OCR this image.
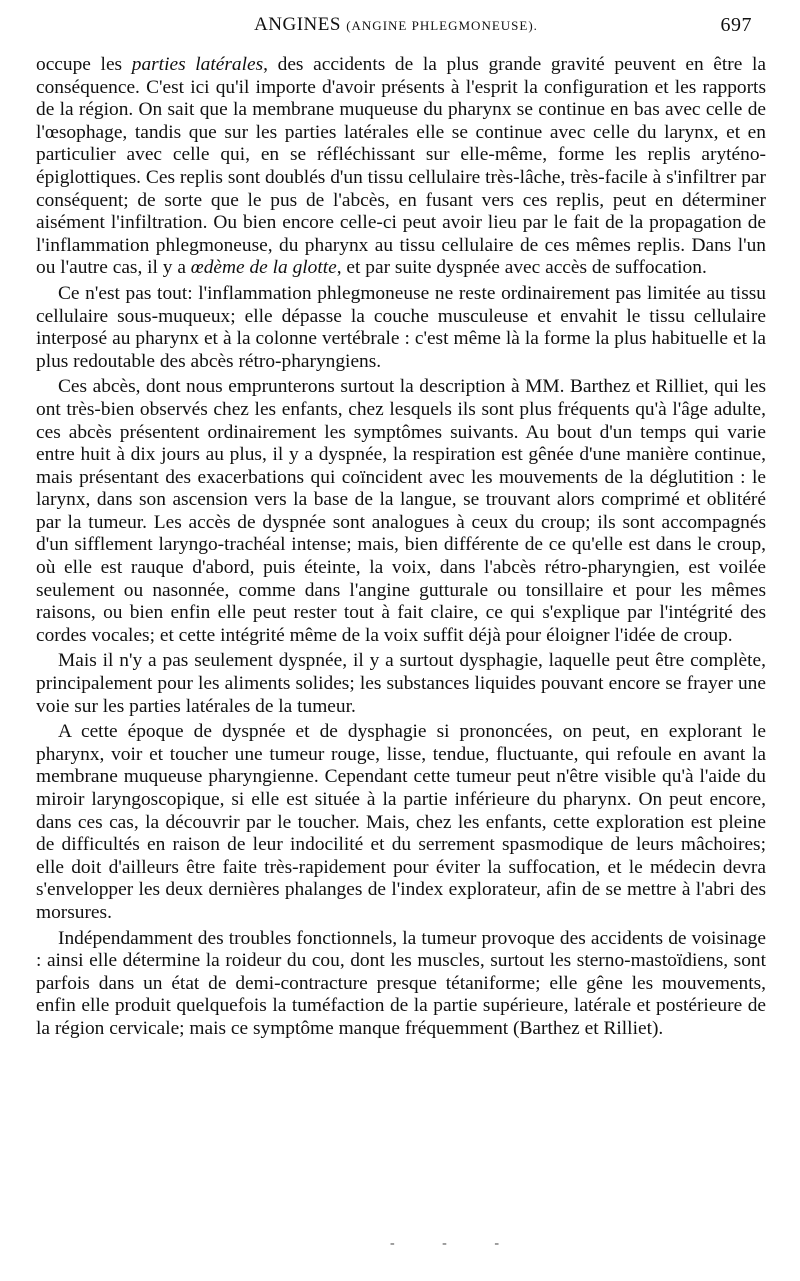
ANGINES (ANGINE PHLEGMONEUSE).	697

occupe les parties latérales, des accidents de la plus grande gravité peuvent en être la conséquence. C'est ici qu'il importe d'avoir présents à l'esprit la configuration et les rapports de la région. On sait que la membrane muqueuse du pharynx se continue en bas avec celle de l'œsophage, tandis que sur les parties latérales elle se continue avec celle du larynx, et en particulier avec celle qui, en se réfléchissant sur elle-même, forme les replis aryténo-épiglottiques. Ces replis sont doublés d'un tissu cellulaire très-lâche, très-facile à s'infiltrer par conséquent; de sorte que le pus de l'abcès, en fusant vers ces replis, peut en déterminer aisément l'infiltration. Ou bien encore celle-ci peut avoir lieu par le fait de la propagation de l'inflammation phlegmoneuse, du pharynx au tissu cellulaire de ces mêmes replis. Dans l'un ou l'autre cas, il y a œdème de la glotte, et par suite dyspnée avec accès de suffocation.

Ce n'est pas tout: l'inflammation phlegmoneuse ne reste ordinairement pas limitée au tissu cellulaire sous-muqueux; elle dépasse la couche musculeuse et envahit le tissu cellulaire interposé au pharynx et à la colonne vertébrale : c'est même là la forme la plus habituelle et la plus redoutable des abcès rétro-pharyngiens.

Ces abcès, dont nous emprunterons surtout la description à MM. Barthez et Rilliet, qui les ont très-bien observés chez les enfants, chez lesquels ils sont plus fréquents qu'à l'âge adulte, ces abcès présentent ordinairement les symptômes suivants. Au bout d'un temps qui varie entre huit à dix jours au plus, il y a dyspnée, la respiration est gênée d'une manière continue, mais présentant des exacerbations qui coïncident avec les mouvements de la déglutition : le larynx, dans son ascension vers la base de la langue, se trouvant alors comprimé et oblitéré par la tumeur. Les accès de dyspnée sont analogues à ceux du croup; ils sont accompagnés d'un sifflement laryngo-trachéal intense; mais, bien différente de ce qu'elle est dans le croup, où elle est rauque d'abord, puis éteinte, la voix, dans l'abcès rétro-pharyngien, est voilée seulement ou nasonnée, comme dans l'angine gutturale ou tonsillaire et pour les mêmes raisons, ou bien enfin elle peut rester tout à fait claire, ce qui s'explique par l'intégrité des cordes vocales; et cette intégrité même de la voix suffit déjà pour éloigner l'idée de croup.

Mais il n'y a pas seulement dyspnée, il y a surtout dysphagie, laquelle peut être complète, principalement pour les aliments solides; les substances liquides pouvant encore se frayer une voie sur les parties latérales de la tumeur.

A cette époque de dyspnée et de dysphagie si prononcées, on peut, en explorant le pharynx, voir et toucher une tumeur rouge, lisse, tendue, fluctuante, qui refoule en avant la membrane muqueuse pharyngienne. Cependant cette tumeur peut n'être visible qu'à l'aide du miroir laryngoscopique, si elle est située à la partie inférieure du pharynx. On peut encore, dans ces cas, la découvrir par le toucher. Mais, chez les enfants, cette exploration est pleine de difficultés en raison de leur indocilité et du serrement spasmodique de leurs mâchoires; elle doit d'ailleurs être faite très-rapidement pour éviter la suffocation, et le médecin devra s'envelopper les deux dernières phalanges de l'index explorateur, afin de se mettre à l'abri des morsures.

Indépendamment des troubles fonctionnels, la tumeur provoque des accidents de voisinage : ainsi elle détermine la roideur du cou, dont les muscles, surtout les sterno-mastoïdiens, sont parfois dans un état de demi-contracture presque tétaniforme; elle gêne les mouvements, enfin elle produit quelquefois la tuméfaction de la partie supérieure, latérale et postérieure de la région cervicale; mais ce symptôme manque fréquemment (Barthez et Rilliet).

- - -
